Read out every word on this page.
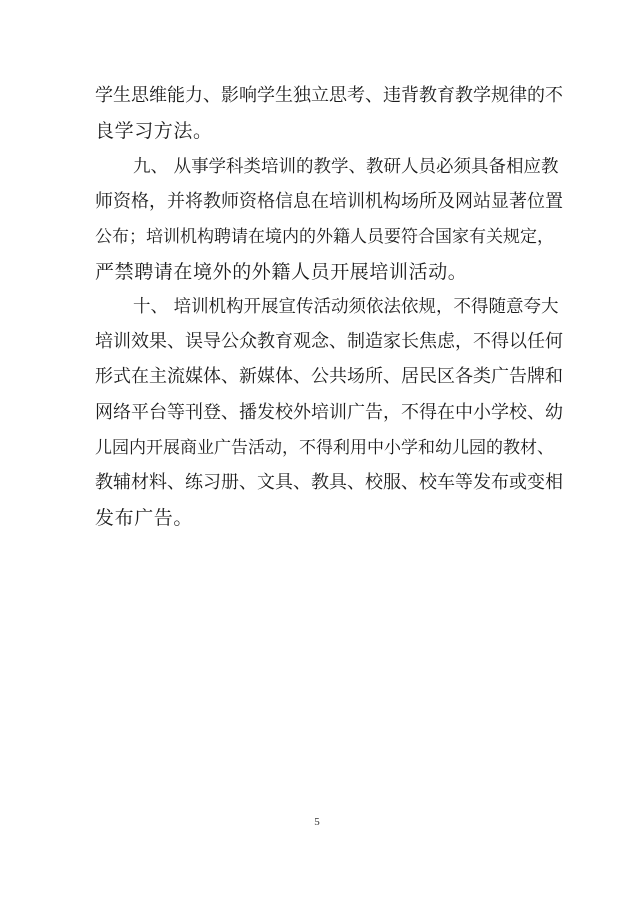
学生思维能力、影响学生独立思考、违背教育教学规律的不
良学习方法。
九、 从事学科类培训的教学、教研人员必须具备相应教
师资格，并将教师资格信息在培训机构场所及网站显著位置
公布；培训机构聘请在境内的外籍人员要符合国家有关规定，
严禁聘请在境外的外籍人员开展培训活动。
十、 培训机构开展宣传活动须依法依规，不得随意夸大
培训效果、误导公众教育观念、制造家长焦虑，不得以任何
形式在主流媒体、新媒体、公共场所、居民区各类广告牌和
网络平台等刊登、播发校外培训广告，不得在中小学校、幼
儿园内开展商业广告活动，不得利用中小学和幼儿园的教材、
教辅材料、练习册、文具、教具、校服、校车等发布或变相
发布广告。
5
